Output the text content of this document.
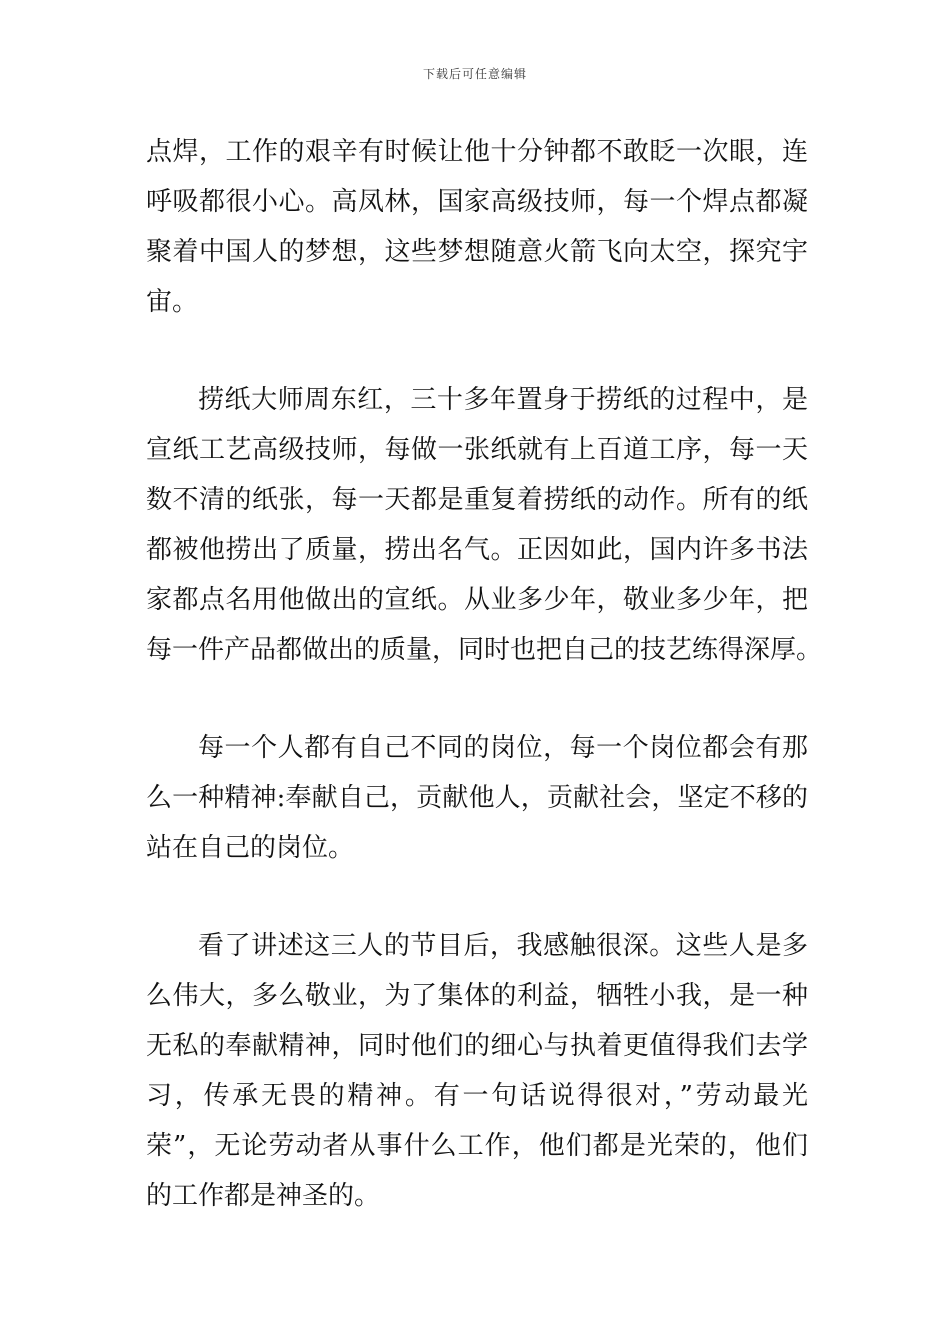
下载后可任意编辑
点焊，工作的艰辛有时候让他十分钟都不敢眨一次眼，连
呼吸都很小心。高凤林，国家高级技师，每一个焊点都凝
聚着中国人的梦想，这些梦想随意火箭飞向太空，探究宇
宙。
捞纸大师周东红，三十多年置身于捞纸的过程中，是
宣纸工艺高级技师，每做一张纸就有上百道工序，每一天
数不清的纸张，每一天都是重复着捞纸的动作。所有的纸
都被他捞出了质量，捞出名气。正因如此，国内许多书法
家都点名用他做出的宣纸。从业多少年，敬业多少年，把
每一件产品都做出的质量，同时也把自己的技艺练得深厚。
每一个人都有自己不同的岗位，每一个岗位都会有那
么一种精神:奉献自己，贡献他人，贡献社会，坚定不移的
站在自己的岗位。
看了讲述这三人的节目后，我感触很深。这些人是多
么伟大，多么敬业，为了集体的利益，牺牲小我，是一种
无私的奉献精神，同时他们的细心与执着更值得我们去学
习，传承无畏的精神。有一句话说得很对，”劳动最光
荣”，无论劳动者从事什么工作，他们都是光荣的，他们
的工作都是神圣的。
